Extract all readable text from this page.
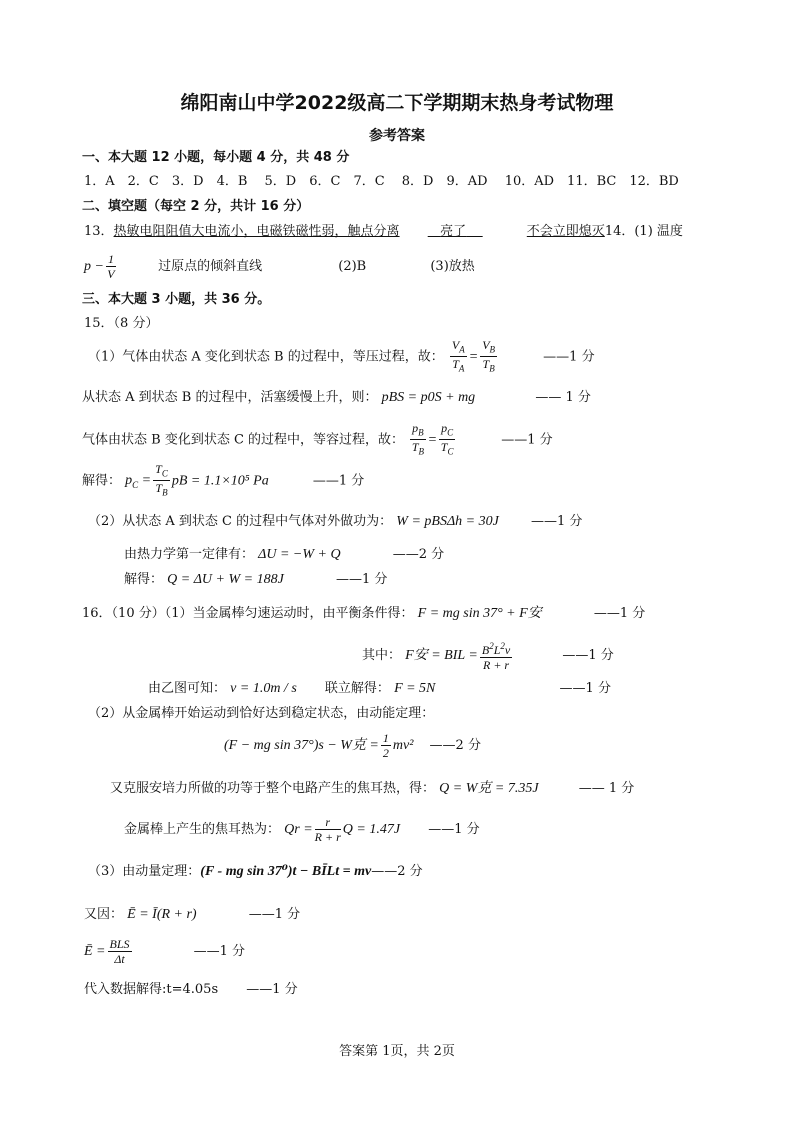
绵阳南山中学2022级高二下学期期末热身考试物理
参考答案
一、本大题 12 小题，每小题 4 分，共 48 分
1．A　2．C　3．D　4．B　 5．D　6．C　7．C　 8．D　9．AD　 10．AD　11．BC　12．BD
二、填空题（每空 2 分，共计 16 分）
13．热敏电阻阻值大电流小，电磁铁磁性弱，触点分离	亮了	不会立即熄灭14．(1) 温度
$p - \frac{1}{V}$	过原点的倾斜直线	(2)B	(3)放热
三、本大题 3 小题，共 36 分。
15．（8 分）
（1）气体由状态 A 变化到状态 B 的过程中，等压过程，故： $\frac{V_A}{T_A} = \frac{V_B}{T_B}$	——1 分
从状态 A 到状态 B 的过程中，活塞缓慢上升，则： pBS = p0S + mg	—— 1 分
气体由状态 B 变化到状态 C 的过程中，等容过程，故： $\frac{p_B}{T_B} = \frac{p_C}{T_C}$	——1 分
解得： $p_C = \frac{T_C}{T_B}$ pB = 1.1×10⁵ Pa	——1 分
（2）从状态 A 到状态 C 的过程中气体对外做功为： W = pBSΔh = 30J ——1 分
由热力学第一定律有： ΔU = −W + Q	——2 分
解得： Q = ΔU + W = 188J	——1 分
16．（10 分）（1）当金属棒匀速运动时，由平衡条件得： F = mg sin 37° + F安	——1 分
其中： F安 = BIL = $\frac{B^2L^2v}{R + r}$	——1 分
由乙图可知： v = 1.0m / s 联立解得： F = 5N	——1 分
（2）从金属棒开始运动到恰好达到稳定状态，由动能定理：
(F − mg sin 37°)s − W克 = $\frac{1}{2} mv^2$ ——2 分
又克服安培力所做的功等于整个电路产生的焦耳热，得： Q = W克 = 7.35J	—— 1 分
金属棒上产生的焦耳热为： $Qr = \frac{r}{R + r}$ Q = 1.47J ——1 分
（3）由动量定理：(F - mg sin 37⁰)t − BĪLt = mv——2 分
又因： Ē = Ī(R + r)	——1 分
Ē = $\frac{\text{BLS}}{\Delta t}$	——1 分
代入数据解得:t=4.05s ——1 分
答案第 1页，共 2页
